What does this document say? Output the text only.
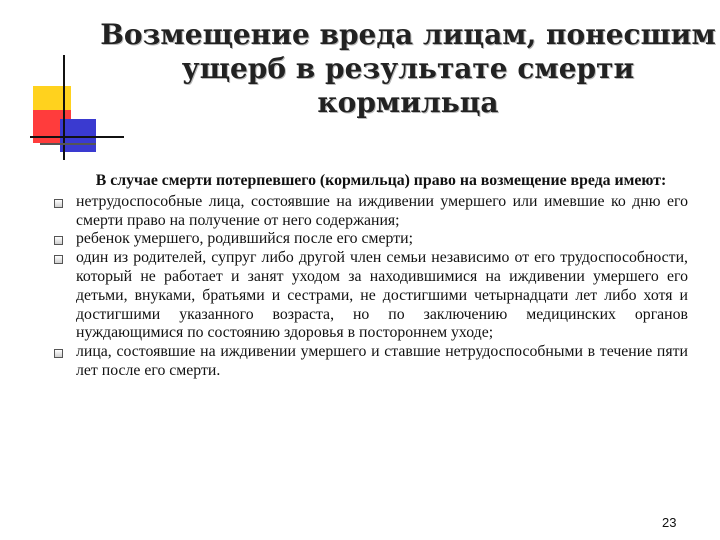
Возмещение вреда лицам, понесшим
ущерб в результате смерти
кормильца

В случае смерти потерпевшего (кормильца) право на возмещение вреда имеют:

нетрудоспособные лица, состоявшие на иждивении умершего или имевшие ко дню его смерти право на получение от него содержания;

ребенок умершего, родившийся после его смерти;

один из родителей, супруг либо другой член семьи независимо от его трудоспособности, который не работает и занят уходом за находившимися на иждивении умершего его детьми, внуками, братьями и сестрами, не достигшими четырнадцати лет либо хотя и достигшими указанного возраста, но по заключению медицинских органов нуждающимися по состоянию здоровья в постороннем уходе;

лица, состоявшие на иждивении умершего и ставшие нетрудоспособными в течение пяти лет после его смерти.

23
